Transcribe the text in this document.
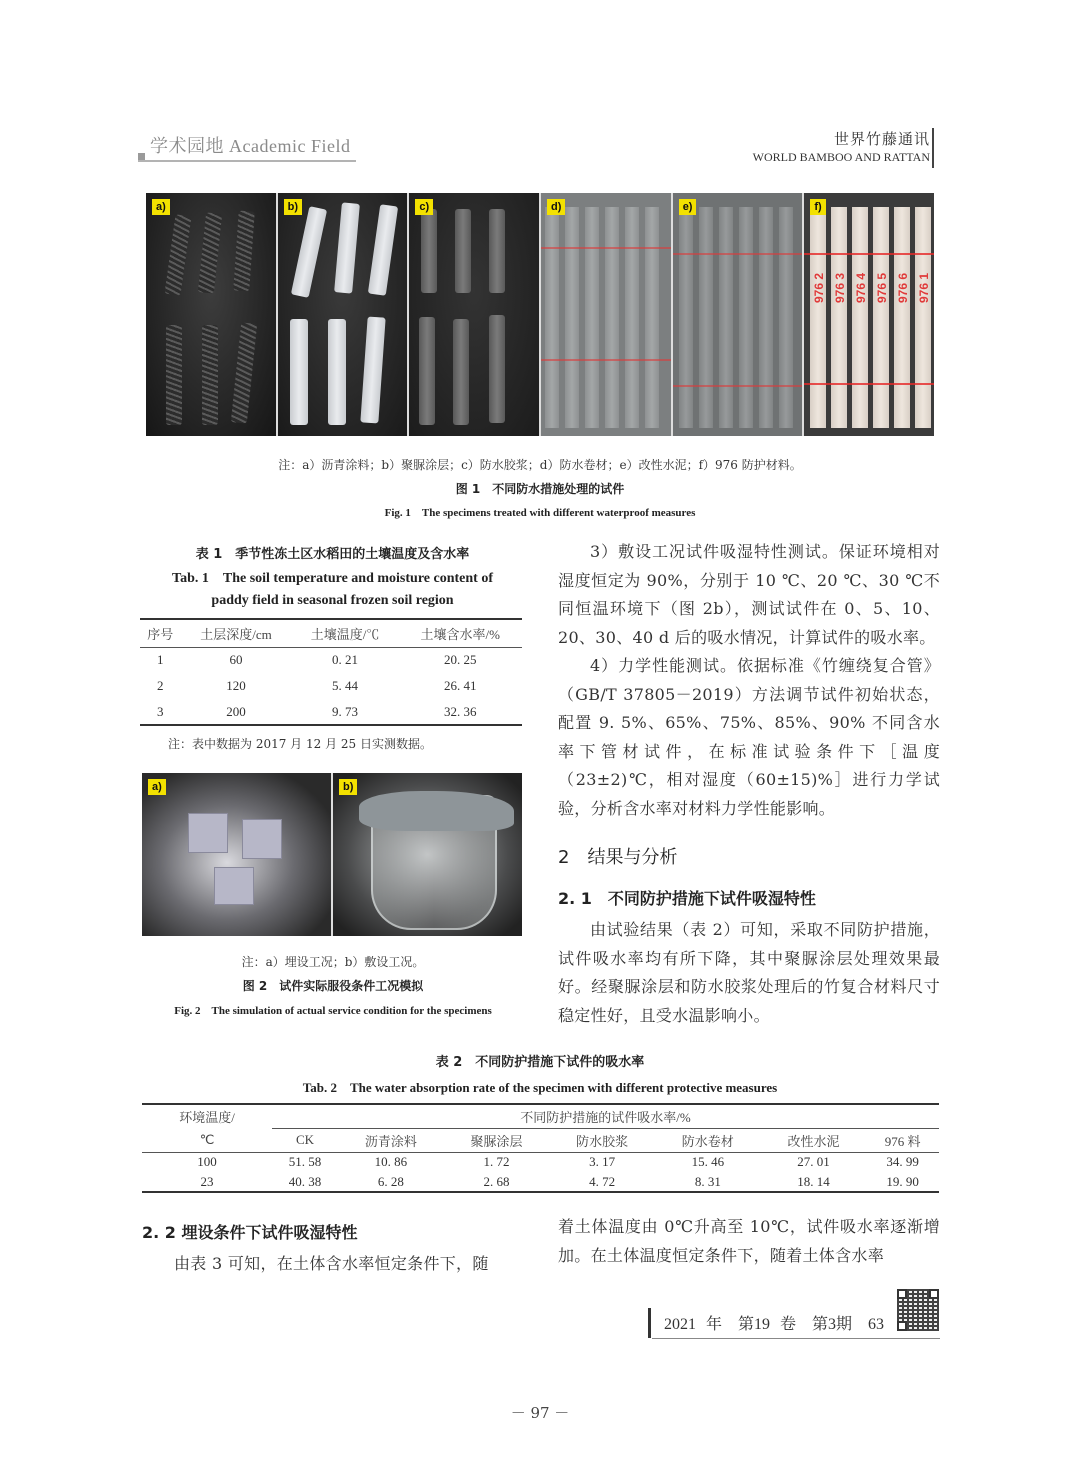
学术园地 Academic Field	世界竹藤通讯
WORLD BAMBOO AND RATTAN
a)	b)	c)	d)	e)
976 2 976 3 976 4 976 5 976 6 976 1
f)
注：a）沥青涂料；b）聚脲涂层；c）防水胶浆；d）防水卷材；e）改性水泥；f）976 防护材料。
图 1　不同防水措施处理的试件
Fig. 1　The specimens treated with different waterproof measures
表 1　季节性冻土区水稻田的土壤温度及含水率
Tab. 1　The soil temperature and moisture content of
paddy field in seasonal frozen soil region
序号	土层深度/cm	土壤温度/℃	土壤含水率/%
1	60	0. 21	20. 25
2	120	5. 44	26. 41
3	200	9. 73	32. 36
注：表中数据为 2017 月 12 月 25 日实测数据。
a)	b)
注：a）埋设工况；b）敷设工况。
图 2　试件实际服役条件工况模拟
Fig. 2　The simulation of actual service condition for the specimens

3）敷设工况试件吸湿特性测试。保证环境相对湿度恒定为 90%，分别于 10 ℃、20 ℃、30 ℃不同恒温环境下（图 2b），测试试件在 0、5、10、20、30、40 d 后的吸水情况，计算试件的吸水率。

4）力学性能测试。依据标准《竹缠绕复合管》（GB/T 37805－2019）方法调节试件初始状态，配置 9. 5%、65%、75%、85%、90% 不同含水率下管材试件，在标准试验条件下［温度（23±2)℃，相对湿度（60±15)%］进行力学试验，分析含水率对材料力学性能影响。

2　结果与分析
2. 1　不同防护措施下试件吸湿特性

由试验结果（表 2）可知，采取不同防护措施，试件吸水率均有所下降，其中聚脲涂层处理效果最好。经聚脲涂层和防水胶浆处理后的竹复合材料尺寸稳定性好，且受水温影响小。

表 2　不同防护措施下试件的吸水率
Tab. 2　The water absorption rate of the specimen with different protective measures
环境温度/	不同防护措施的试件吸水率/%						
℃	CK	沥青涂料	聚脲涂层	防水胶浆	防水卷材	改性水泥	976 料
100	51. 58	10. 86	1. 72	3. 17	15. 46	27. 01	34. 99
23	40. 38	6. 28	2. 68	4. 72	8. 31	18. 14	19. 90
2. 2 埋设条件下试件吸湿特性

由表 3 可知，在土体含水率恒定条件下，随

着土体温度由 0℃升高至 10℃，试件吸水率逐渐增加。在土体温度恒定条件下，随着土体含水率

2021 年　第19 卷　第3期　63
－ 97 －
